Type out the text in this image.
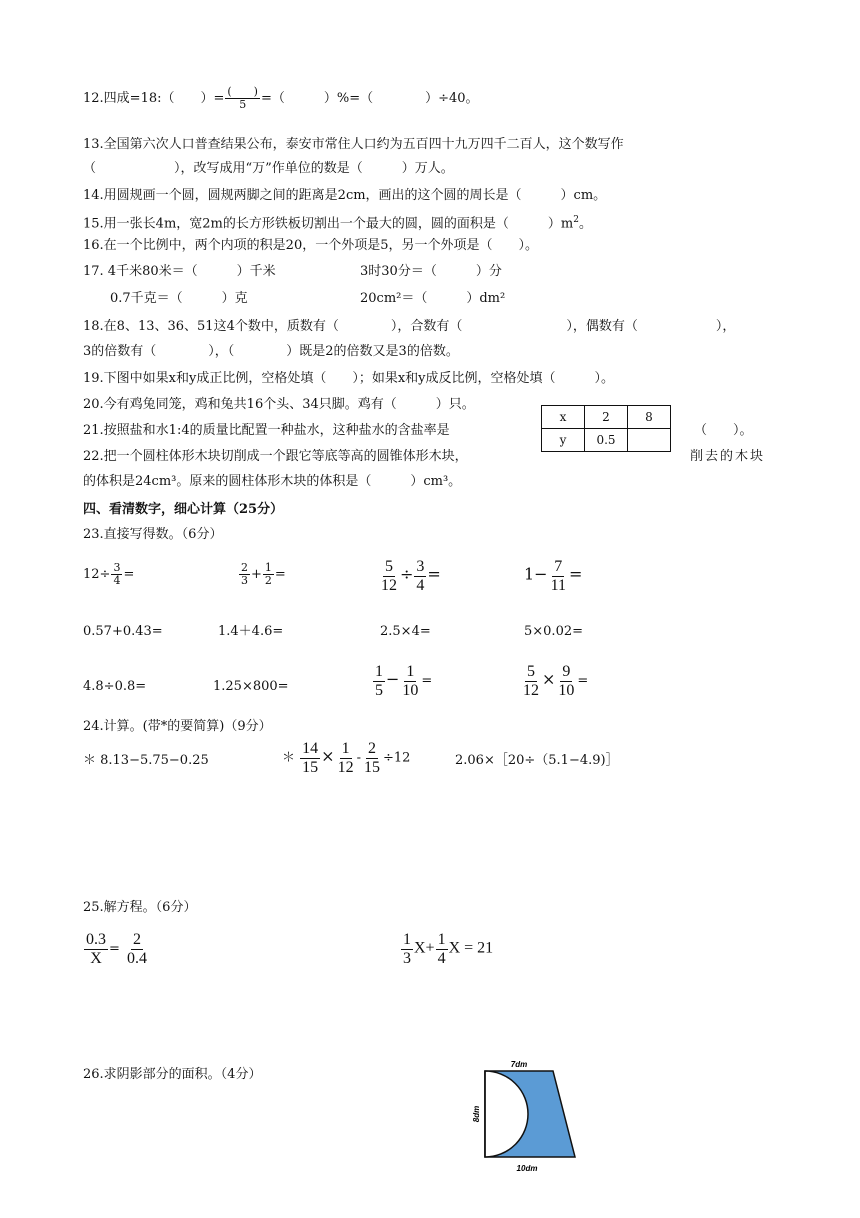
12.四成=18:（　　）= $\frac{( )}{5}$ =（　　　）%=（　　　　）÷40。
13.全国第六次人口普查结果公布，泰安市常住人口约为五百四十九万四千二百人，这个数写作
（　　　　　　），改写成用“万”作单位的数是（　　　）万人。
14.用圆规画一个圆，圆规两脚之间的距离是2cm，画出的这个圆的周长是（　　　）cm。
15.用一张长4m，宽2m的长方形铁板切割出一个最大的圆，圆的面积是（　　　）$m^2$。
16.在一个比例中，两个内项的积是20，一个外项是5，另一个外项是（　　）。
17. 4千米80米＝（　　　）千米	3时30分＝（　　　）分
0.7千克＝（　　　）克	20cm²＝（　　　）dm²
18.在8、13、36、51这4个数中，质数有（　　　　），合数有（　　　　　　　　），偶数有（　　　　　　），
3的倍数有（　　　　），（　　　　）既是2的倍数又是3的倍数。
19.下图中如果x和y成正比例，空格处填（　　）；如果x和y成反比例，空格处填（　　　）。
20.今有鸡兔同笼，鸡和兔共16个头、34只脚。鸡有（　　　）只。
21.按照盐和水1:4的质量比配置一种盐水，这种盐水的含盐率是	（　　）。
22.把一个圆柱体形木块切削成一个跟它等底等高的圆锥体形木块，	削去的木块
的体积是24cm³。原来的圆柱体形木块的体积是（　　　）cm³。
x	2	8
y	0.5	
四、看清数字，细心计算（25分）
23.直接写得数。（6分）
$12\div \frac{3}{4}$ =	$\frac{2}{3} + \frac{1}{2}$ =	$\frac{5}{12} \div \frac{3}{4}$ =	$1- \frac{7}{11}$ =
0.57+0.43=	1.4＋4.6=	2.5×4=	5×0.02=
4.8÷0.8=	1.25×800=	$\frac{1}{5} - \frac{1}{10}$ =	$\frac{5}{12} \times \frac{9}{10}$ =
24.计算。(带*的要简算)（9分）
＊ 8.13−5.75−0.25	＊ $\frac{14}{15} \times \frac{1}{12} - \frac{2}{15} \div 12$	2.06×［20÷（5.1−4.9)］
25.解方程。（6分）
$\frac{0.3}{X} = \frac{2}{0.4}$	$\frac{1}{3} X+ \frac{1}{4}$ X = 21
26.求阴影部分的面积。（4分）
7dm
8dm
10dm
